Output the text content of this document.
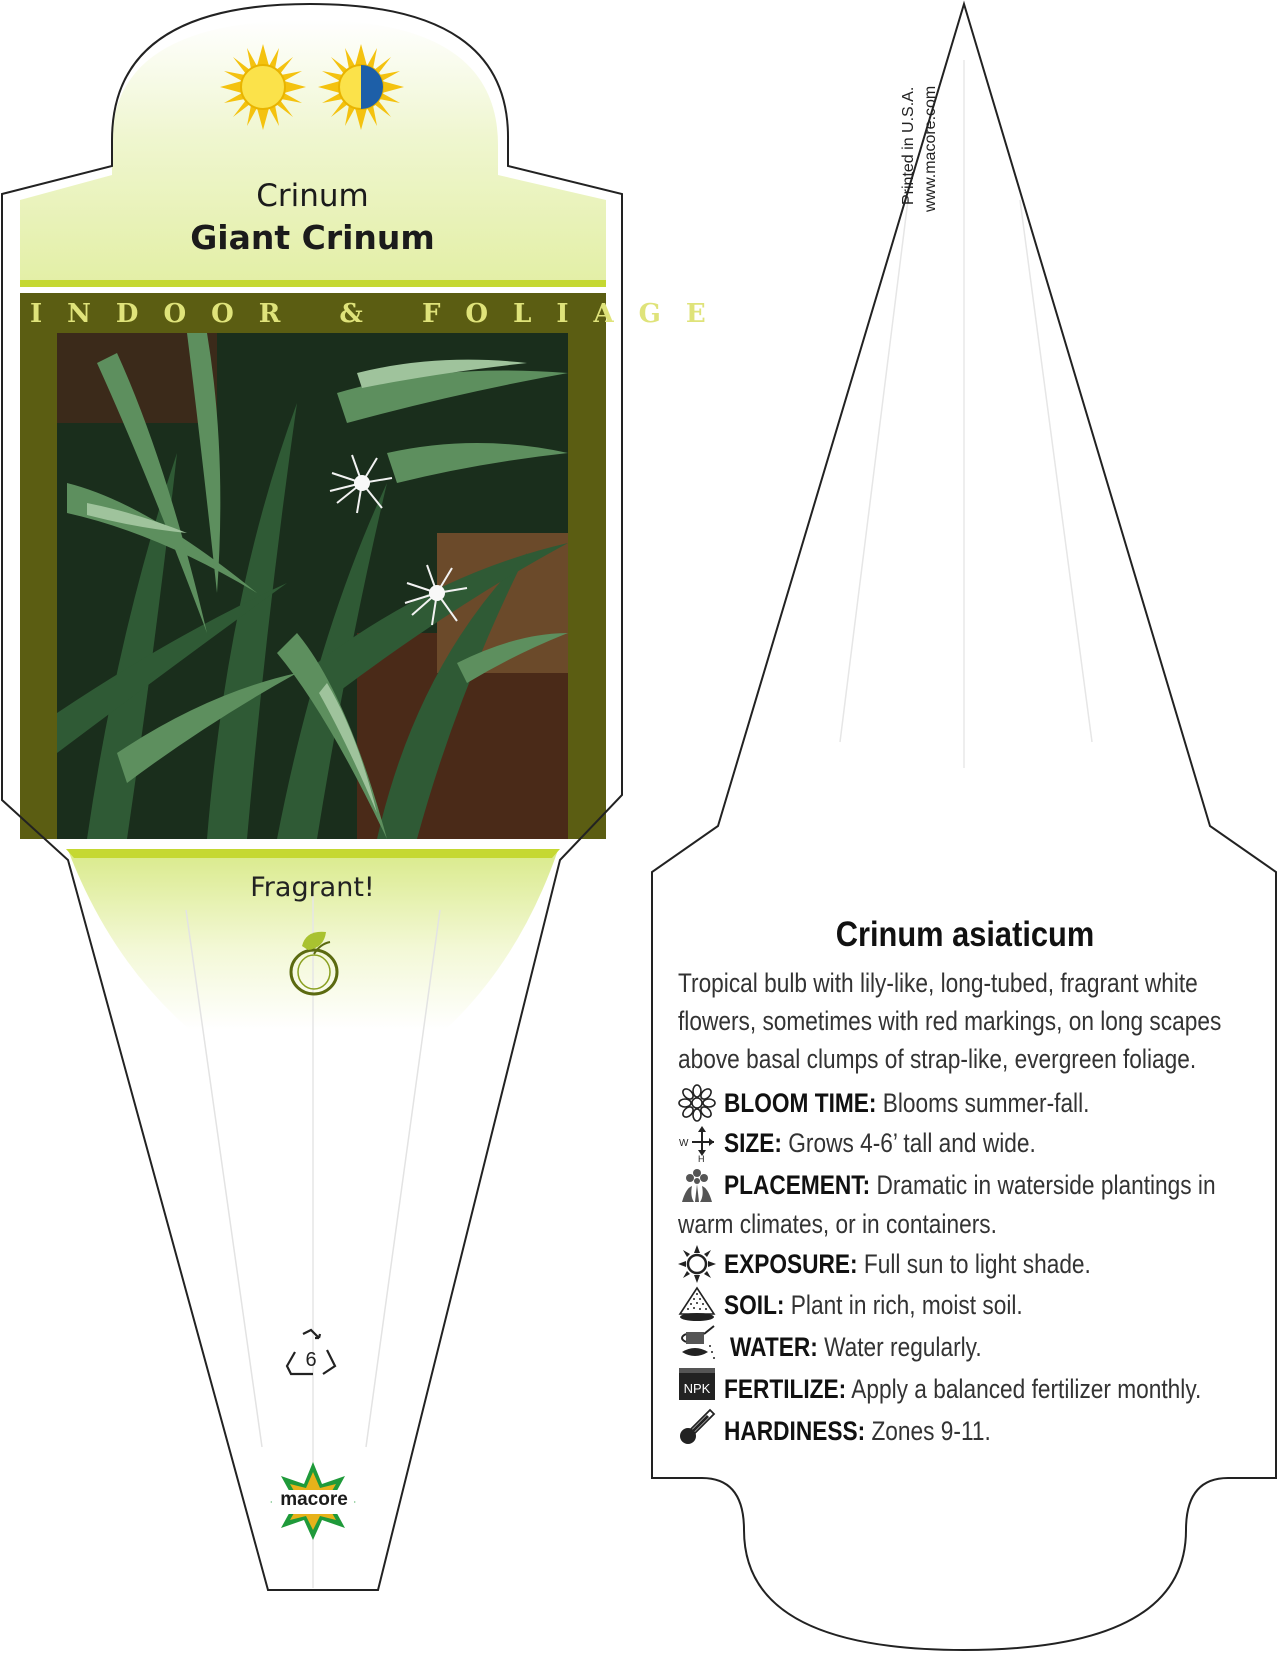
Crinum
Giant Crinum
INDOOR & FOLIAGE
Fragrant!
6
macore
Printed in U.S.A. www.macore.com
Crinum asiaticum
Tropical bulb with lily-like, long-tubed, fragrant white
flowers, sometimes with red markings, on long scapes
above basal clumps of strap-like, evergreen foliage.
W
H
NPK
BLOOM TIME: Blooms summer-fall.
SIZE: Grows 4-6’ tall and wide.
PLACEMENT: Dramatic in waterside plantings in
warm climates, or in containers.
EXPOSURE: Full sun to light shade.
SOIL: Plant in rich, moist soil.
WATER: Water regularly.
FERTILIZE: Apply a balanced fertilizer monthly.
HARDINESS: Zones 9-11.
